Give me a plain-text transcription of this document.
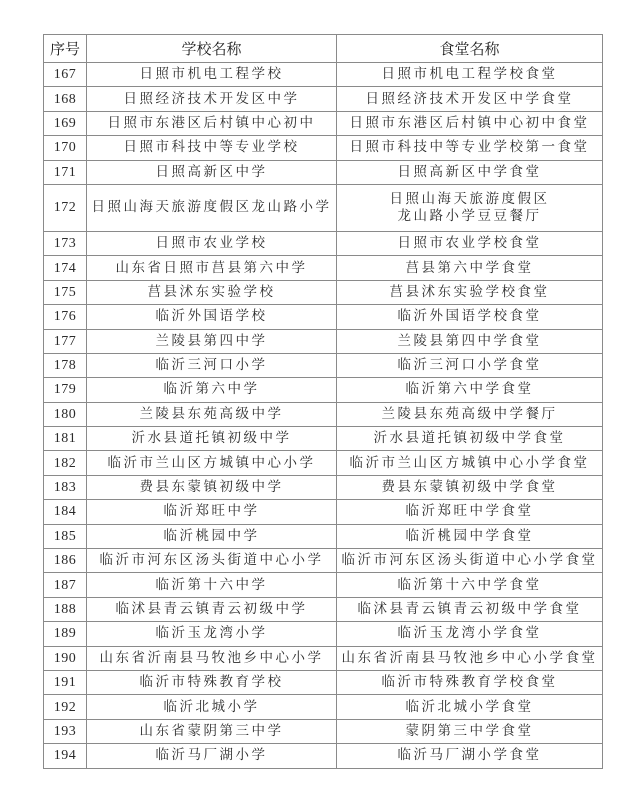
序号	学校名称	食堂名称
167	日照市机电工程学校	日照市机电工程学校食堂
168	日照经济技术开发区中学	日照经济技术开发区中学食堂
169	日照市东港区后村镇中心初中	日照市东港区后村镇中心初中食堂
170	日照市科技中等专业学校	日照市科技中等专业学校第一食堂
171	日照高新区中学	日照高新区中学食堂
172	日照山海天旅游度假区龙山路小学	日照山海天旅游度假区
龙山路小学豆豆餐厅

173	日照市农业学校	日照市农业学校食堂
174	山东省日照市莒县第六中学	莒县第六中学食堂
175	莒县沭东实验学校	莒县沭东实验学校食堂
176	临沂外国语学校	临沂外国语学校食堂
177	兰陵县第四中学	兰陵县第四中学食堂
178	临沂三河口小学	临沂三河口小学食堂
179	临沂第六中学	临沂第六中学食堂
180	兰陵县东苑高级中学	兰陵县东苑高级中学餐厅
181	沂水县道托镇初级中学	沂水县道托镇初级中学食堂
182	临沂市兰山区方城镇中心小学	临沂市兰山区方城镇中心小学食堂
183	费县东蒙镇初级中学	费县东蒙镇初级中学食堂
184	临沂郑旺中学	临沂郑旺中学食堂
185	临沂桃园中学	临沂桃园中学食堂
186	临沂市河东区汤头街道中心小学	临沂市河东区汤头街道中心小学食堂
187	临沂第十六中学	临沂第十六中学食堂
188	临沭县青云镇青云初级中学	临沭县青云镇青云初级中学食堂
189	临沂玉龙湾小学	临沂玉龙湾小学食堂
190	山东省沂南县马牧池乡中心小学	山东省沂南县马牧池乡中心小学食堂
191	临沂市特殊教育学校	临沂市特殊教育学校食堂
192	临沂北城小学	临沂北城小学食堂
193	山东省蒙阴第三中学	蒙阴第三中学食堂
194	临沂马厂湖小学	临沂马厂湖小学食堂
